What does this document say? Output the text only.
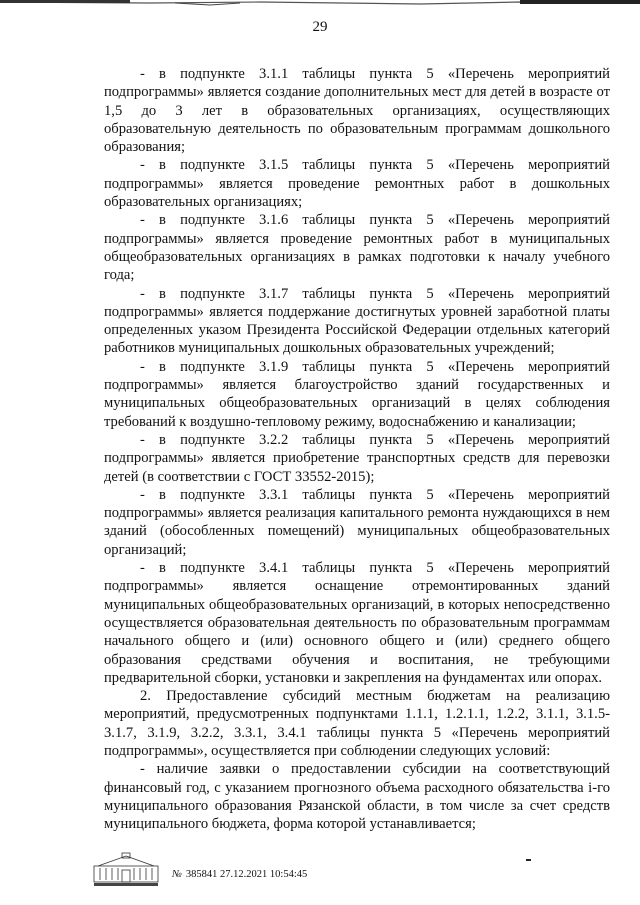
29

- в подпункте 3.1.1 таблицы пункта 5 «Перечень мероприятий подпрограммы» является создание дополнительных мест для детей в возрасте от 1,5 до 3 лет в образовательных организациях, осуществляющих образовательную деятельность по образовательным программам дошкольного образования;

- в подпункте 3.1.5 таблицы пункта 5 «Перечень мероприятий подпрограммы» является проведение ремонтных работ в дошкольных образовательных организациях;

- в подпункте 3.1.6 таблицы пункта 5 «Перечень мероприятий подпрограммы» является проведение ремонтных работ в муниципальных общеобразовательных организациях в рамках подготовки к началу учебного года;

- в подпункте 3.1.7 таблицы пункта 5 «Перечень мероприятий подпрограммы» является поддержание достигнутых уровней заработной платы определенных указом Президента Российской Федерации отдельных категорий работников муниципальных дошкольных образовательных учреждений;

- в подпункте 3.1.9 таблицы пункта 5 «Перечень мероприятий подпрограммы» является благоустройство зданий государственных и муниципальных общеобразовательных организаций в целях соблюдения требований к воздушно-тепловому режиму, водоснабжению и канализации;

- в подпункте 3.2.2 таблицы пункта 5 «Перечень мероприятий подпрограммы» является приобретение транспортных средств для перевозки детей (в соответствии с ГОСТ 33552-2015);

- в подпункте 3.3.1 таблицы пункта 5 «Перечень мероприятий подпрограммы» является реализация капитального ремонта нуждающихся в нем зданий (обособленных помещений) муниципальных общеобразовательных организаций;

- в подпункте 3.4.1 таблицы пункта 5 «Перечень мероприятий подпрограммы» является оснащение отремонтированных зданий муниципальных общеобразовательных организаций, в которых непосредственно осуществляется образовательная деятельность по образовательным программам начального общего и (или) основного общего и (или) среднего общего образования средствами обучения и воспитания, не требующими предварительной сборки, установки и закрепления на фундаментах или опорах.

2. Предоставление субсидий местным бюджетам на реализацию мероприятий, предусмотренных подпунктами 1.1.1, 1.2.1.1, 1.2.2, 3.1.1, 3.1.5-3.1.7, 3.1.9, 3.2.2, 3.3.1, 3.4.1 таблицы пункта 5 «Перечень мероприятий подпрограммы», осуществляется при соблюдении следующих условий:

- наличие заявки о предоставлении субсидии на соответствующий финансовый год, с указанием прогнозного объема расходного обязательства i-го муниципального образования Рязанской области, в том числе за счет средств муниципального бюджета, форма которой устанавливается;

№ 385841 27.12.2021 10:54:45
